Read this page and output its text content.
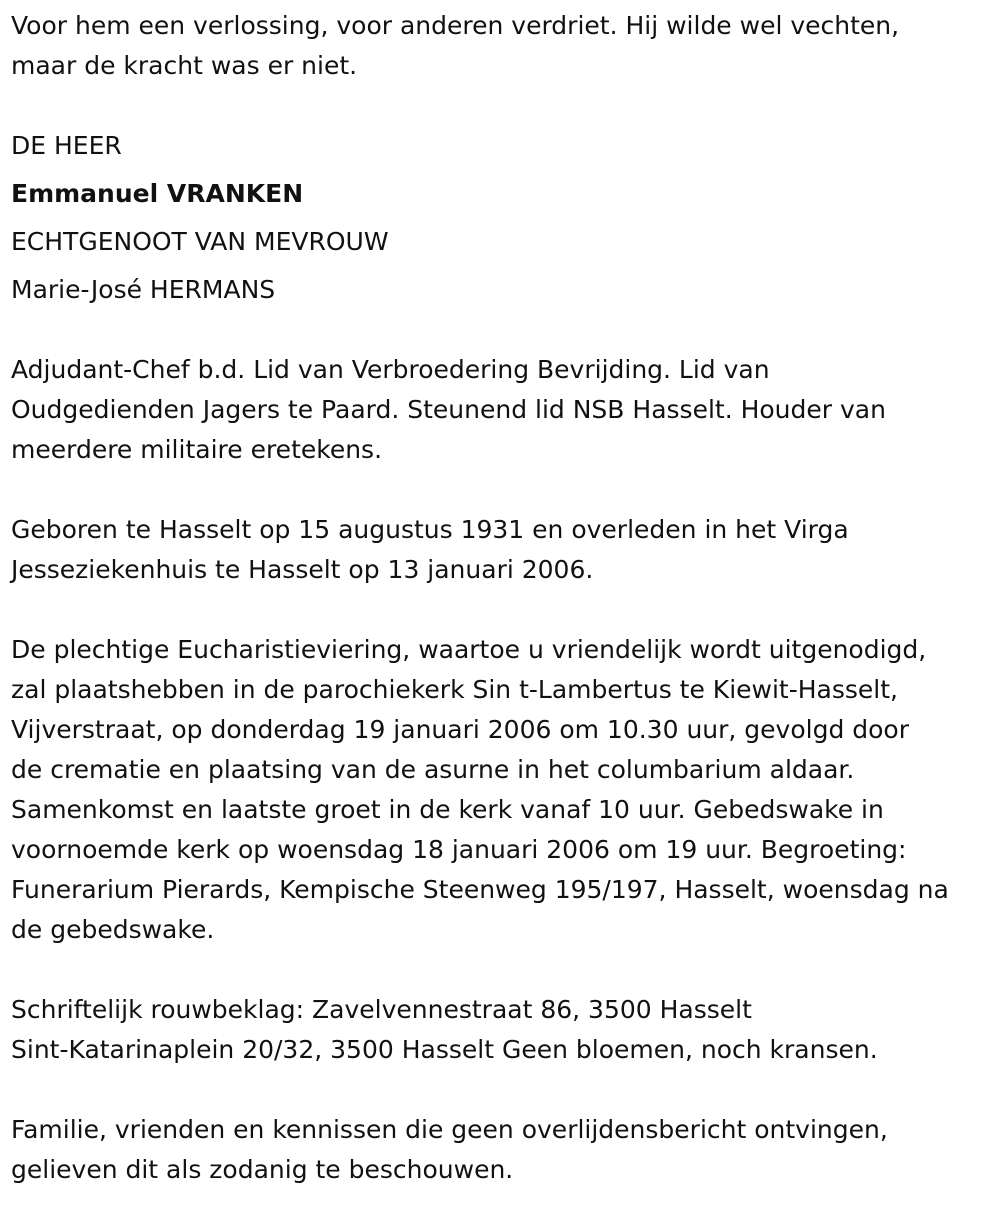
Voor hem een verlossing, voor anderen verdriet. Hij wilde wel vechten,

maar de kracht was er niet.

DE HEER

Emmanuel VRANKEN

ECHTGENOOT VAN MEVROUW

Marie-José HERMANS

Adjudant-Chef b.d. Lid van Verbroedering Bevrijding. Lid van

Oudgedienden Jagers te Paard. Steunend lid NSB Hasselt. Houder van

meerdere militaire eretekens.

Geboren te Hasselt op 15 augustus 1931 en overleden in het Virga

Jesseziekenhuis te Hasselt op 13 januari 2006.

De plechtige Eucharistieviering, waartoe u vriendelijk wordt uitgenodigd,

zal plaatshebben in de parochiekerk Sin t-Lambertus te Kiewit-Hasselt,

Vijverstraat, op donderdag 19 januari 2006 om 10.30 uur, gevolgd door

de crematie en plaatsing van de asurne in het columbarium aldaar.

Samenkomst en laatste groet in de kerk vanaf 10 uur. Gebedswake in

voornoemde kerk op woensdag 18 januari 2006 om 19 uur. Begroeting:

Funerarium Pierards, Kempische Steenweg 195/197, Hasselt, woensdag na

de gebedswake.

Schriftelijk rouwbeklag: Zavelvennestraat 86, 3500 Hasselt

Sint-Katarinaplein 20/32, 3500 Hasselt Geen bloemen, noch kransen.

Familie, vrienden en kennissen die geen overlijdensbericht ontvingen,

gelieven dit als zodanig te beschouwen.
